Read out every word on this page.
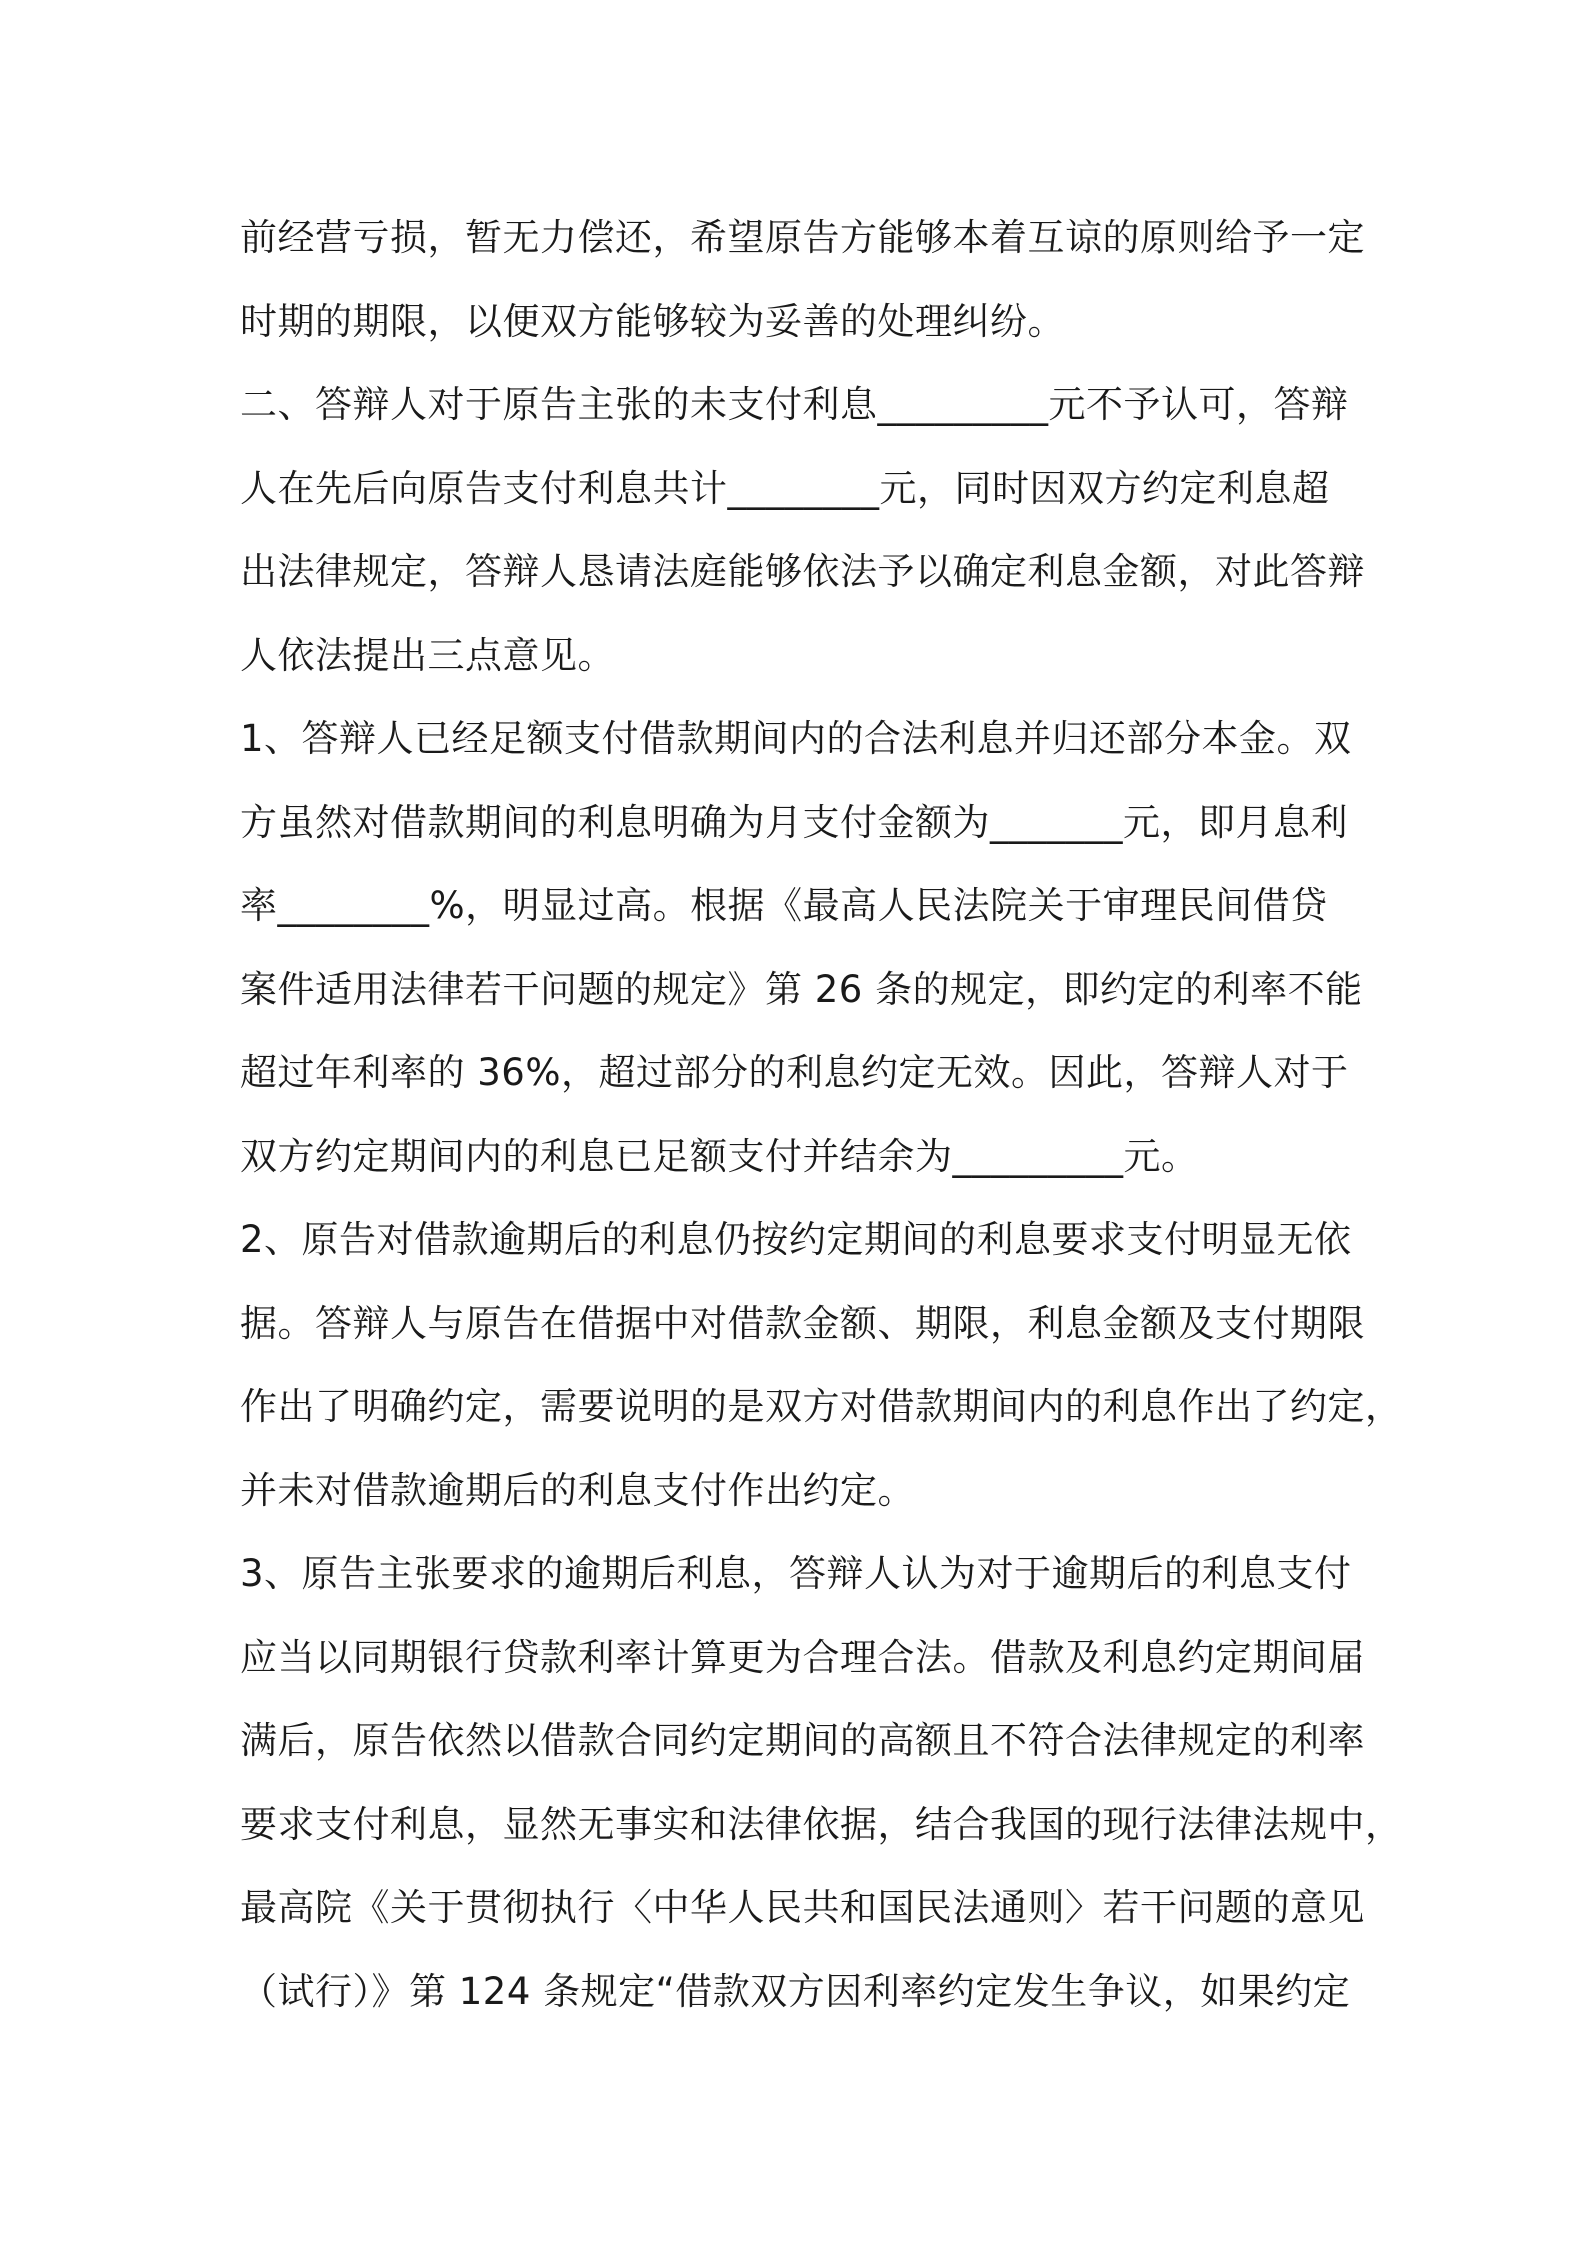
前经营亏损，暂无力偿还，希望原告方能够本着互谅的原则给予一定
时期的期限，以便双方能够较为妥善的处理纠纷。
二、答辩人对于原告主张的未支付利息_________元不予认可，答辩
人在先后向原告支付利息共计________元，同时因双方约定利息超
出法律规定，答辩人恳请法庭能够依法予以确定利息金额，对此答辩
人依法提出三点意见。
1、答辩人已经足额支付借款期间内的合法利息并归还部分本金。双
方虽然对借款期间的利息明确为月支付金额为_______元，即月息利
率________%，明显过高。根据《最高人民法院关于审理民间借贷
案件适用法律若干问题的规定》第 26 条的规定，即约定的利率不能
超过年利率的 36%，超过部分的利息约定无效。因此，答辩人对于
双方约定期间内的利息已足额支付并结余为_________元。
2、原告对借款逾期后的利息仍按约定期间的利息要求支付明显无依
据。答辩人与原告在借据中对借款金额、期限，利息金额及支付期限
作出了明确约定，需要说明的是双方对借款期间内的利息作出了约定，
并未对借款逾期后的利息支付作出约定。
3、原告主张要求的逾期后利息，答辩人认为对于逾期后的利息支付
应当以同期银行贷款利率计算更为合理合法。借款及利息约定期间届
满后，原告依然以借款合同约定期间的高额且不符合法律规定的利率
要求支付利息，显然无事实和法律依据，结合我国的现行法律法规中，
最高院《关于贯彻执行〈中华人民共和国民法通则〉若干问题的意见
（试行）》第 124 条规定“借款双方因利率约定发生争议，如果约定
